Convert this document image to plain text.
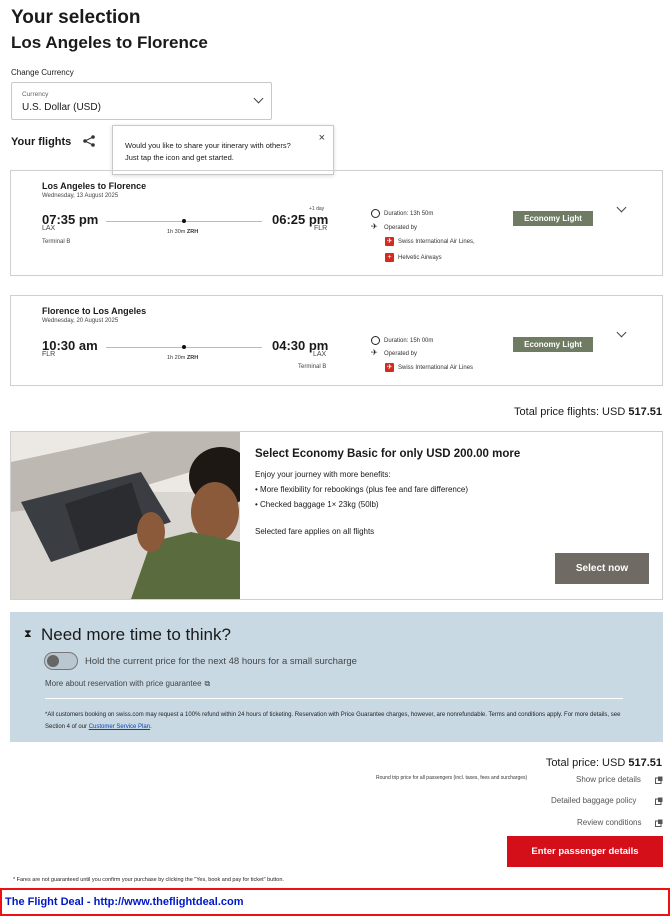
Your selection
Los Angeles to Florence
Change Currency
Currency
U.S. Dollar (USD)
Your flights	Would you like to share your itinerary with others? Just tap the icon and get started.
×
Los Angeles to Florence
Wednesday, 13 August 2025
07:35 pm
LAX
Terminal B
1h 30m ZRH
+1 day
06:25 pm
FLR
Duration: 13h 50m
✈ Operated by
✈ Swiss International Air Lines,
+	Helvetic Airways
Economy Light
Florence to Los Angeles
Wednesday, 20 August 2025
10:30 am
FLR	1h 20m ZRH
04:30 pm
LAX
Terminal B
Duration: 15h 00m
✈ Operated by
✈ Swiss International Air Lines
Economy Light
Total price flights: USD 517.51
Select Economy Basic for only USD 200.00 more
Enjoy your journey with more benefits:
• More flexibility for rebookings (plus fee and fare difference)
• Checked baggage 1× 23kg (50lb)
Selected fare applies on all flights
Select now
⧗ Need more time to think?
Hold the current price for the next 48 hours for a small surcharge
More about reservation with price guarantee ⧉
*All customers booking on swiss.com may request a 100% refund within 24 hours of ticketing. Reservation with Price Guarantee charges, however, are nonrefundable. Terms and conditions apply. For more details, see Section 4 of our Customer Service Plan.
Total price: USD 517.51
Round trip price for all passengers (incl. taxes, fees and surcharges)	Show price details
Detailed baggage policy
Review conditions
Enter passenger details
* Fares are not guaranteed until you confirm your purchase by clicking the "Yes, book and pay for ticket" button.
The Flight Deal - http://www.theflightdeal.com
